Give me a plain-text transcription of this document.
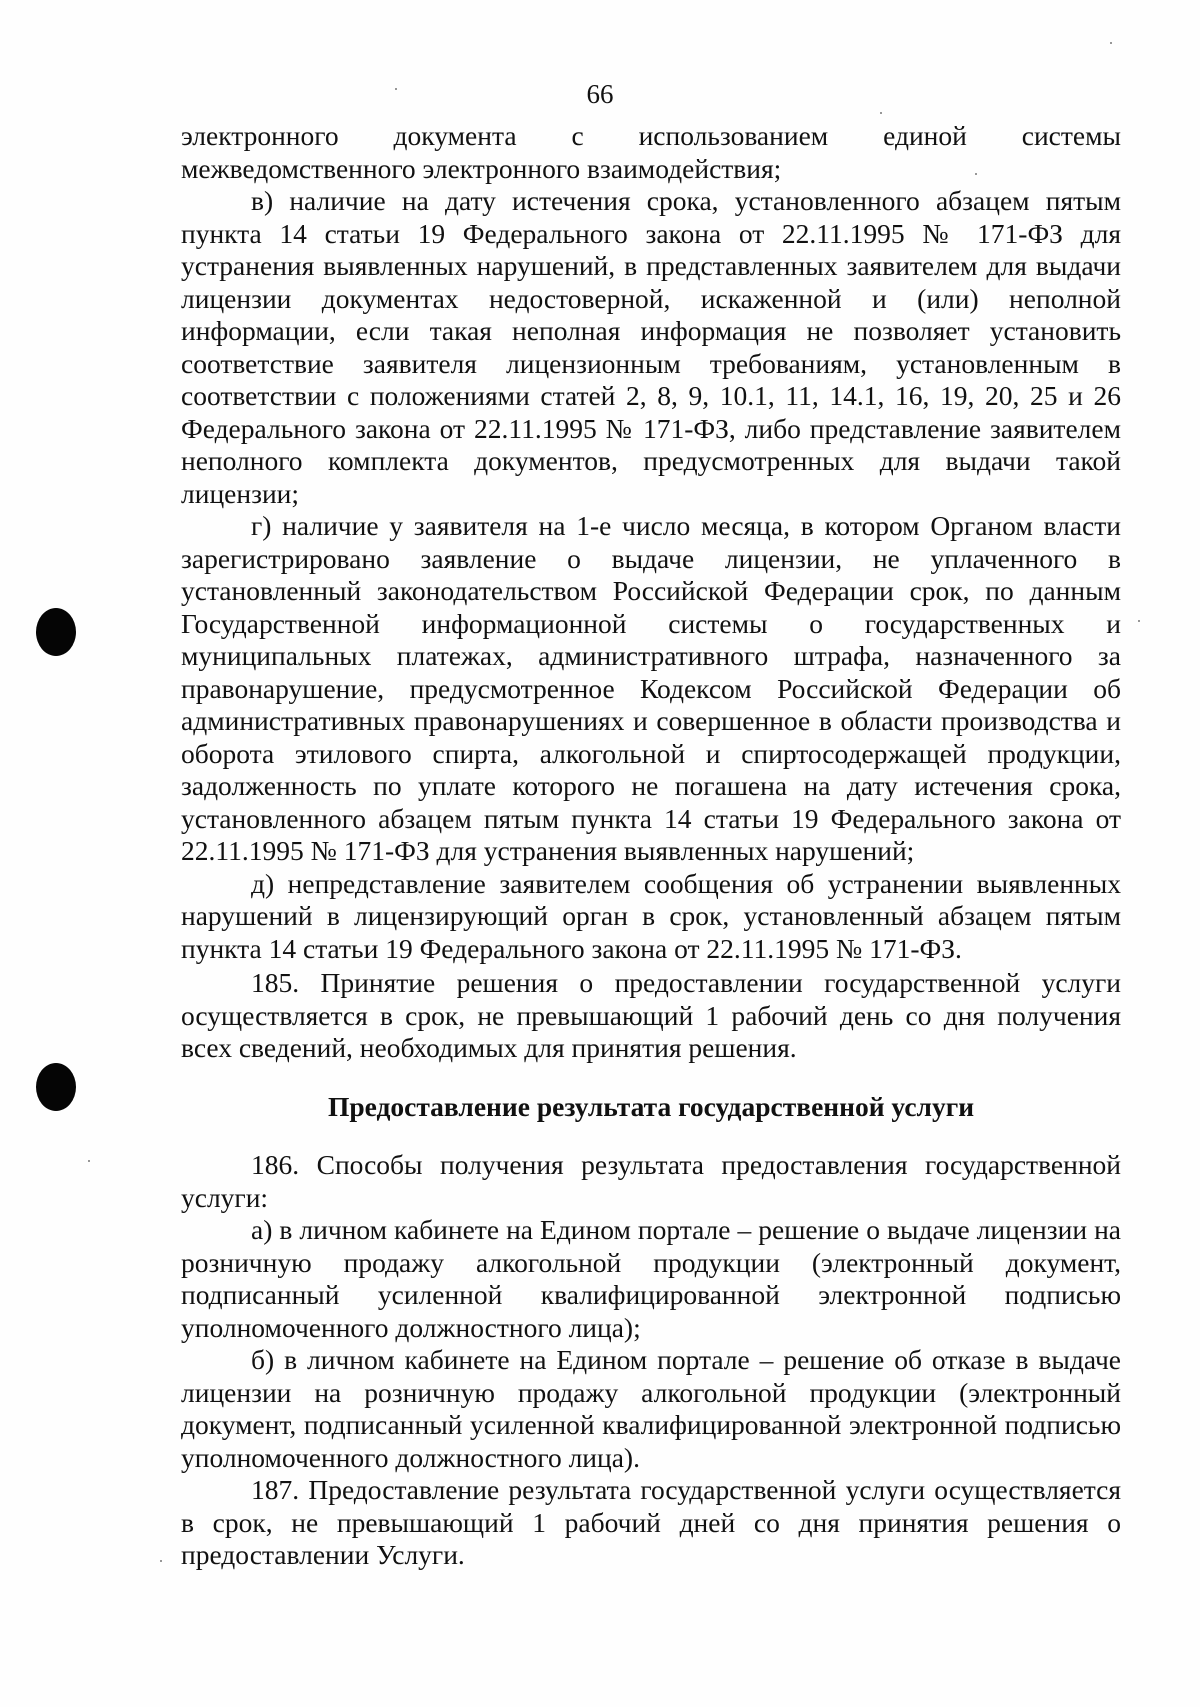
66

электронного документа с использованием единой системы межведомственного электронного взаимодействия;

в) наличие на дату истечения срока, установленного абзацем пятым пункта 14 статьи 19 Федерального закона от 22.11.1995 № 171-ФЗ для устранения выявленных нарушений, в представленных заявителем для выдачи лицензии документах недостоверной, искаженной и (или) неполной информации, если такая неполная информация не позволяет установить соответствие заявителя лицензионным требованиям, установленным в соответствии с положениями статей 2, 8, 9, 10.1, 11, 14.1, 16, 19, 20, 25 и 26 Федерального закона от 22.11.1995 № 171-ФЗ, либо представление заявителем неполного комплекта документов, предусмотренных для выдачи такой лицензии;

г) наличие у заявителя на 1-е число месяца, в котором Органом власти зарегистрировано заявление о выдаче лицензии, не уплаченного в установленный законодательством Российской Федерации срок, по данным Государственной информационной системы о государственных и муниципальных платежах, административного штрафа, назначенного за правонарушение, предусмотренное Кодексом Российской Федерации об административных правонарушениях и совершенное в области производства и оборота этилового спирта, алкогольной и спиртосодержащей продукции, задолженность по уплате которого не погашена на дату истечения срока, установленного абзацем пятым пункта 14 статьи 19 Федерального закона от 22.11.1995 № 171-ФЗ для устранения выявленных нарушений;

д) непредставление заявителем сообщения об устранении выявленных нарушений в лицензирующий орган в срок, установленный абзацем пятым пункта 14 статьи 19 Федерального закона от 22.11.1995 № 171-ФЗ.

185. Принятие решения о предоставлении государственной услуги осуществляется в срок, не превышающий 1 рабочий день со дня получения всех сведений, необходимых для принятия решения.

Предоставление результата государственной услуги

186. Способы получения результата предоставления государственной услуги:

а) в личном кабинете на Едином портале – решение о выдаче лицензии на розничную продажу алкогольной продукции (электронный документ, подписанный усиленной квалифицированной электронной подписью уполномоченного должностного лица);

б) в личном кабинете на Едином портале – решение об отказе в выдаче лицензии на розничную продажу алкогольной продукции (электронный документ, подписанный усиленной квалифицированной электронной подписью уполномоченного должностного лица).

187. Предоставление результата государственной услуги осуществляется в срок, не превышающий 1 рабочий дней со дня принятия решения о предоставлении Услуги.
